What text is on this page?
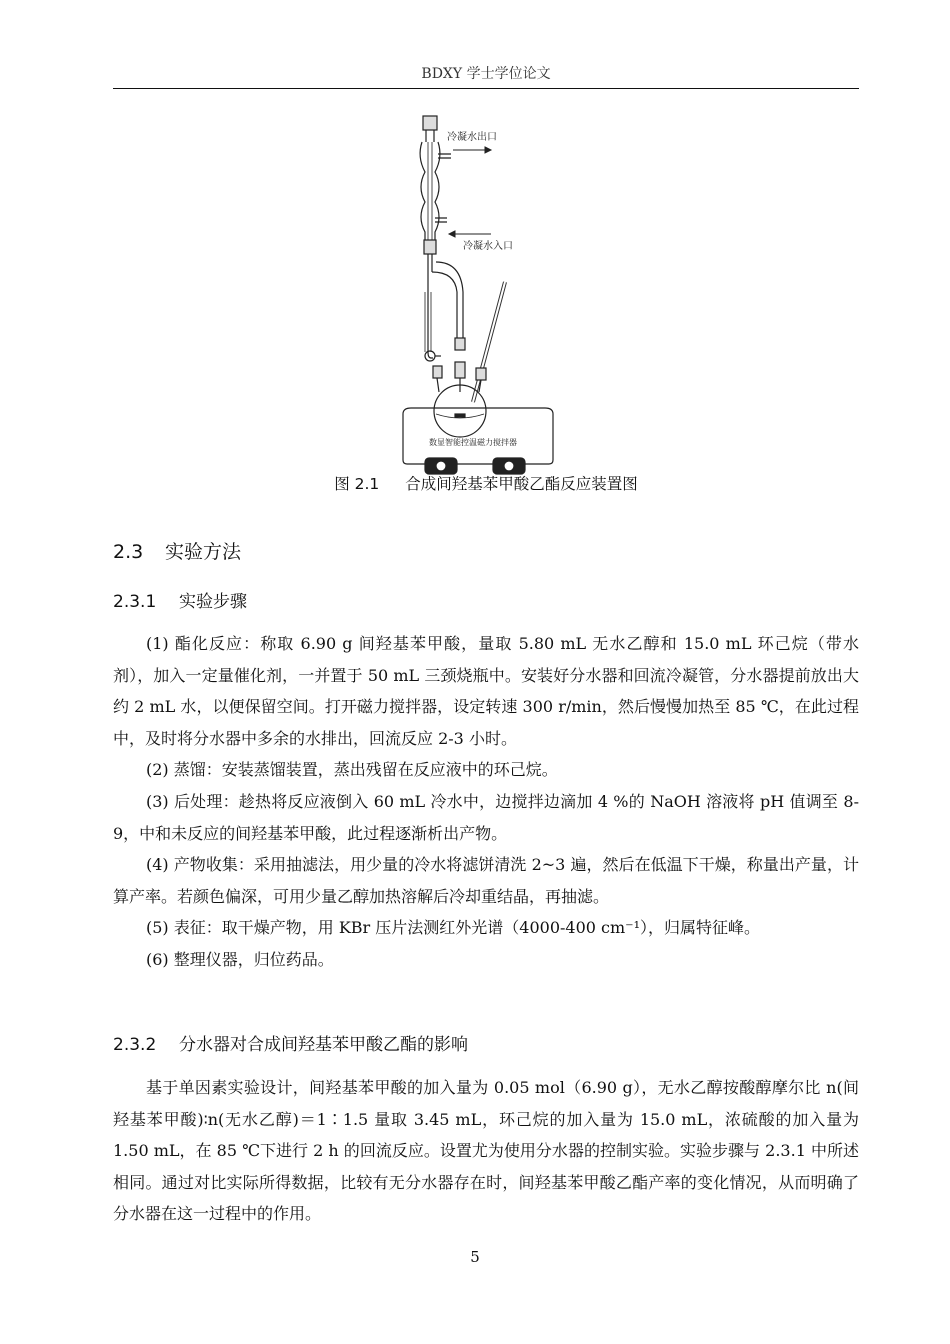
BDXY 学士学位论文
冷凝水出口
冷凝水入口
数显智能控温磁力搅拌器
图 2.1 合成间羟基苯甲酸乙酯反应装置图
2.3 实验方法
2.3.1 实验步骤

(1) 酯化反应：称取 6.90 g 间羟基苯甲酸，量取 5.80 mL 无水乙醇和 15.0 mL 环己烷（带水剂），加入一定量催化剂，一并置于 50 mL 三颈烧瓶中。安装好分水器和回流冷凝管，分水器提前放出大约 2 mL 水，以便保留空间。打开磁力搅拌器，设定转速 300 r/min，然后慢慢加热至 85 ℃，在此过程中，及时将分水器中多余的水排出，回流反应 2-3 小时。

(2) 蒸馏：安装蒸馏装置，蒸出残留在反应液中的环己烷。

(3) 后处理：趁热将反应液倒入 60 mL 冷水中，边搅拌边滴加 4 %的 NaOH 溶液将 pH 值调至 8-9，中和未反应的间羟基苯甲酸，此过程逐渐析出产物。

(4) 产物收集：采用抽滤法，用少量的冷水将滤饼清洗 2~3 遍，然后在低温下干燥，称量出产量，计算产率。若颜色偏深，可用少量乙醇加热溶解后冷却重结晶，再抽滤。

(5) 表征：取干燥产物，用 KBr 压片法测红外光谱（4000-400 cm⁻¹），归属特征峰。

(6) 整理仪器，归位药品。

2.3.2 分水器对合成间羟基苯甲酸乙酯的影响

基于单因素实验设计，间羟基苯甲酸的加入量为 0.05 mol（6.90 g），无水乙醇按酸醇摩尔比 n(间羟基苯甲酸)∶n(无水乙醇)＝1∶1.5 量取 3.45 mL，环己烷的加入量为 15.0 mL，浓硫酸的加入量为 1.50 mL，在 85 ℃下进行 2 h 的回流反应。设置尤为使用分水器的控制实验。实验步骤与 2.3.1 中所述相同。通过对比实际所得数据，比较有无分水器存在时，间羟基苯甲酸乙酯产率的变化情况，从而明确了分水器在这一过程中的作用。

5
